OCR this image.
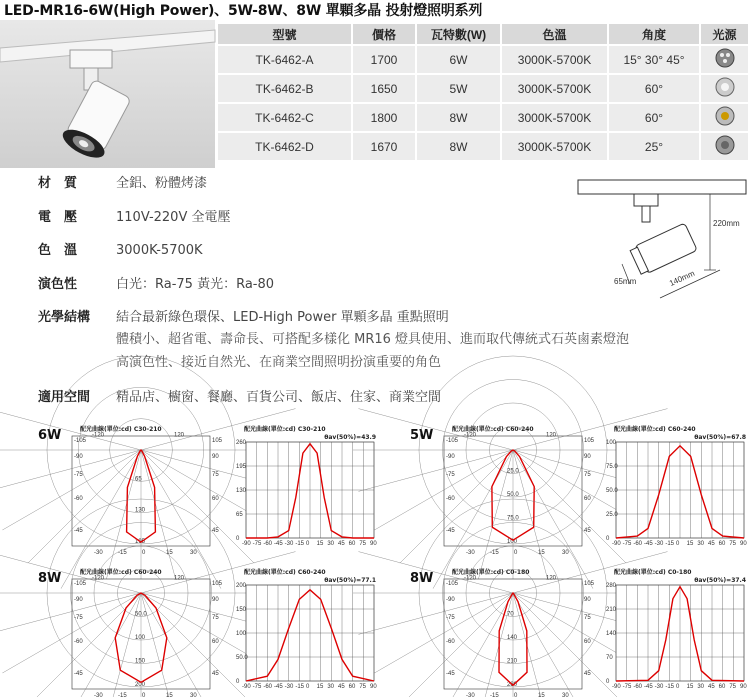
LED-MR16-6W(High Power)、5W-8W、8W 單顆多晶 投射燈照明系列
型號	價格	瓦特數(W)	色溫	角度	光源
TK-6462-A	1700	6W	3000K-5700K	15° 30° 45°	
TK-6462-B	1650	5W	3000K-5700K	60°	
TK-6462-C	1800	8W	3000K-5700K	60°	
TK-6462-D	1670	8W	3000K-5700K	25°	
材　質	全鋁、粉體烤漆
電　壓	110V-220V 全電壓
色　溫	3000K-5700K
演色性	白光：Ra-75 黃光：Ra-80
光學結構 結合最新綠色環保、LED-High Power 單顆多晶 重點照明
體積小、超省電、壽命長、可搭配多樣化 MR16 燈具使用、進而取代傳統式石英鹵素燈泡
高演色性、接近自然光、在商業空間照明扮演重要的角色
適用空間 精品店、櫥窗、餐廳、百貨公司、飯店、住家、商業空間
220mm
140mm
65mm
6W	5W
8W	8W
配光曲線(單位:cd) C30-210
65
130
195
-105
-90
-75
-60
-45
105
90
75
60
45
-120	120
-30	-15	0	15	30
配光曲線(單位:cd) C30-210
θav(50%)=43.9
-90 -75 -60 -45 -30 -15 0 15 30 45 60 75 90
260
195
130
65
0
配光曲線(單位:cd) C60-240
25.0
50.0
75.0
100
-105
-90
-75
-60
-45
105
90
75
60
45
-120	120
-30	-15	0	15	30
配光曲線(單位:cd) C60-240
θav(50%)=67.8
-90 -75 -60 -45 -30 -15 0 15 30 45 60 75 90
100
75.0
50.0
25.0
0
配光曲線(單位:cd) C60-240
50.0
100
150
200
-105
-90
-75
-60
-45
105
90
75
60
45
-120	120
-30	-15	0	15	30
配光曲線(單位:cd) C60-240
θav(50%)=77.1
-90 -75 -60 -45 -30 -15 0 15 30 45 60 75 90
200
150
100
50.0
0
配光曲線(單位:cd) C0-180
70
140
210
280
-105
-90
-75
-60
-45
105
90
75
60
45
-120	120
-30	-15	0	15	30
配光曲線(單位:cd) C0-180
θav(50%)=37.4
-90 -75 -60 -45 -30 -15 0 15 30 45 60 75 90
280
210
140
70
0
